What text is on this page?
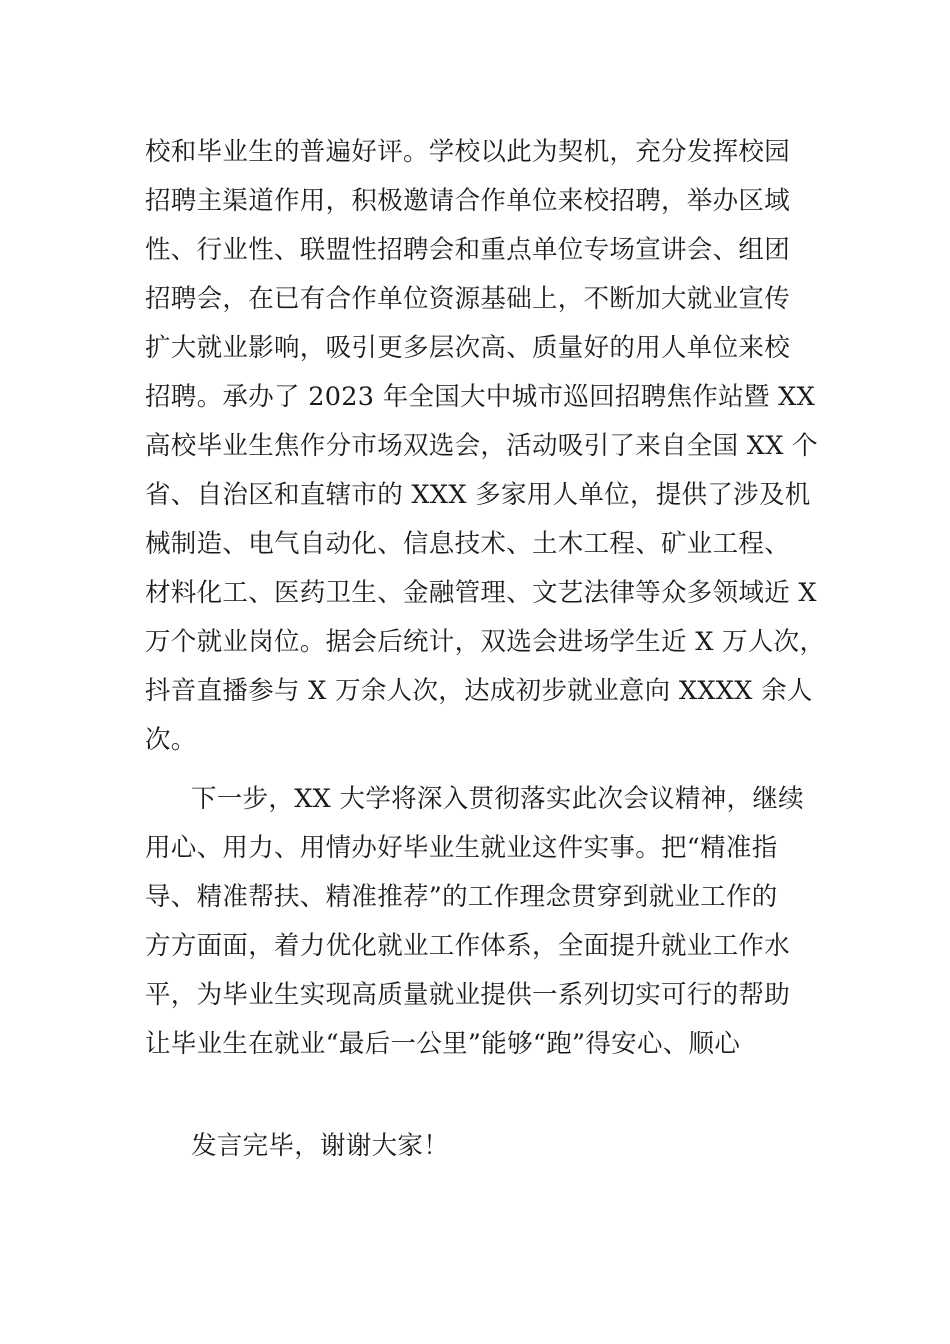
校和毕业生的普遍好评。学校以此为契机，充分发挥校园
招聘主渠道作用，积极邀请合作单位来校招聘，举办区域
性、行业性、联盟性招聘会和重点单位专场宣讲会、组团
招聘会，在已有合作单位资源基础上，不断加大就业宣传
扩大就业影响，吸引更多层次高、质量好的用人单位来校
招聘。承办了 2023 年全国大中城市巡回招聘焦作站暨 XX
高校毕业生焦作分市场双选会，活动吸引了来自全国 XX 个
省、自治区和直辖市的 XXX 多家用人单位，提供了涉及机
械制造、电气自动化、信息技术、土木工程、矿业工程、
材料化工、医药卫生、金融管理、文艺法律等众多领域近 X
万个就业岗位。据会后统计，双选会进场学生近 X 万人次，
抖音直播参与 X 万余人次，达成初步就业意向 XXXX 余人
次。
下一步，XX 大学将深入贯彻落实此次会议精神，继续
用心、用力、用情办好毕业生就业这件实事。把“精准指
导、精准帮扶、精准推荐”的工作理念贯穿到就业工作的
方方面面，着力优化就业工作体系，全面提升就业工作水
平，为毕业生实现高质量就业提供一系列切实可行的帮助
让毕业生在就业“最后一公里”能够“跑”得安心、顺心
发言完毕，谢谢大家！
